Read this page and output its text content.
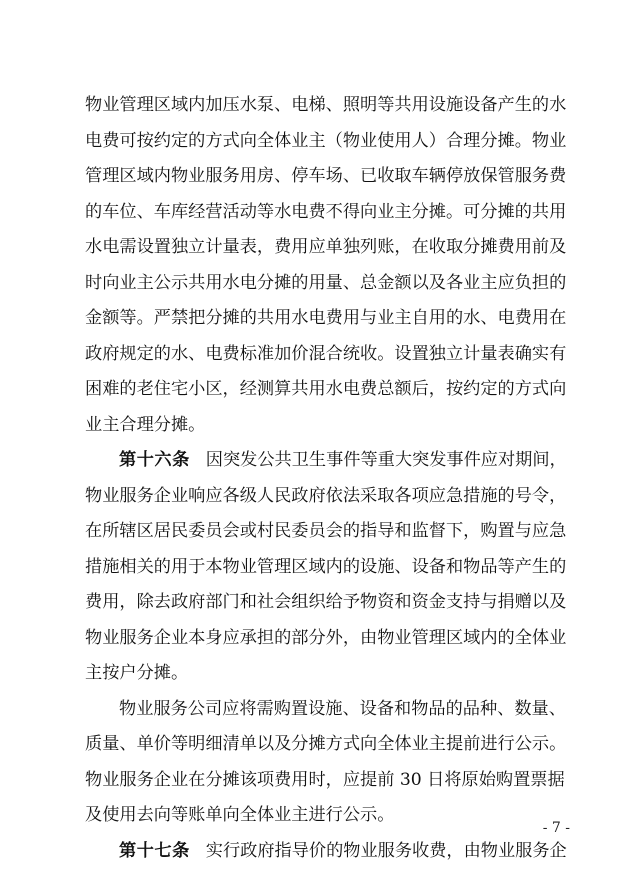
物业管理区域内加压水泵、电梯、照明等共用设施设备产生的水
电费可按约定的方式向全体业主（物业使用人）合理分摊。物业
管理区域内物业服务用房、停车场、已收取车辆停放保管服务费
的车位、车库经营活动等水电费不得向业主分摊。可分摊的共用
水电需设置独立计量表，费用应单独列账，在收取分摊费用前及
时向业主公示共用水电分摊的用量、总金额以及各业主应负担的
金额等。严禁把分摊的共用水电费用与业主自用的水、电费用在
政府规定的水、电费标准加价混合统收。设置独立计量表确实有
困难的老住宅小区，经测算共用水电费总额后，按约定的方式向
业主合理分摊。
第十六条 因突发公共卫生事件等重大突发事件应对期间，
物业服务企业响应各级人民政府依法采取各项应急措施的号令，
在所辖区居民委员会或村民委员会的指导和监督下，购置与应急
措施相关的用于本物业管理区域内的设施、设备和物品等产生的
费用，除去政府部门和社会组织给予物资和资金支持与捐赠以及
物业服务企业本身应承担的部分外，由物业管理区域内的全体业
主按户分摊。
物业服务公司应将需购置设施、设备和物品的品种、数量、
质量、单价等明细清单以及分摊方式向全体业主提前进行公示。
物业服务企业在分摊该项费用时，应提前 30 日将原始购置票据
及使用去向等账单向全体业主进行公示。
第十七条 实行政府指导价的物业服务收费，由物业服务企
- 7 -
